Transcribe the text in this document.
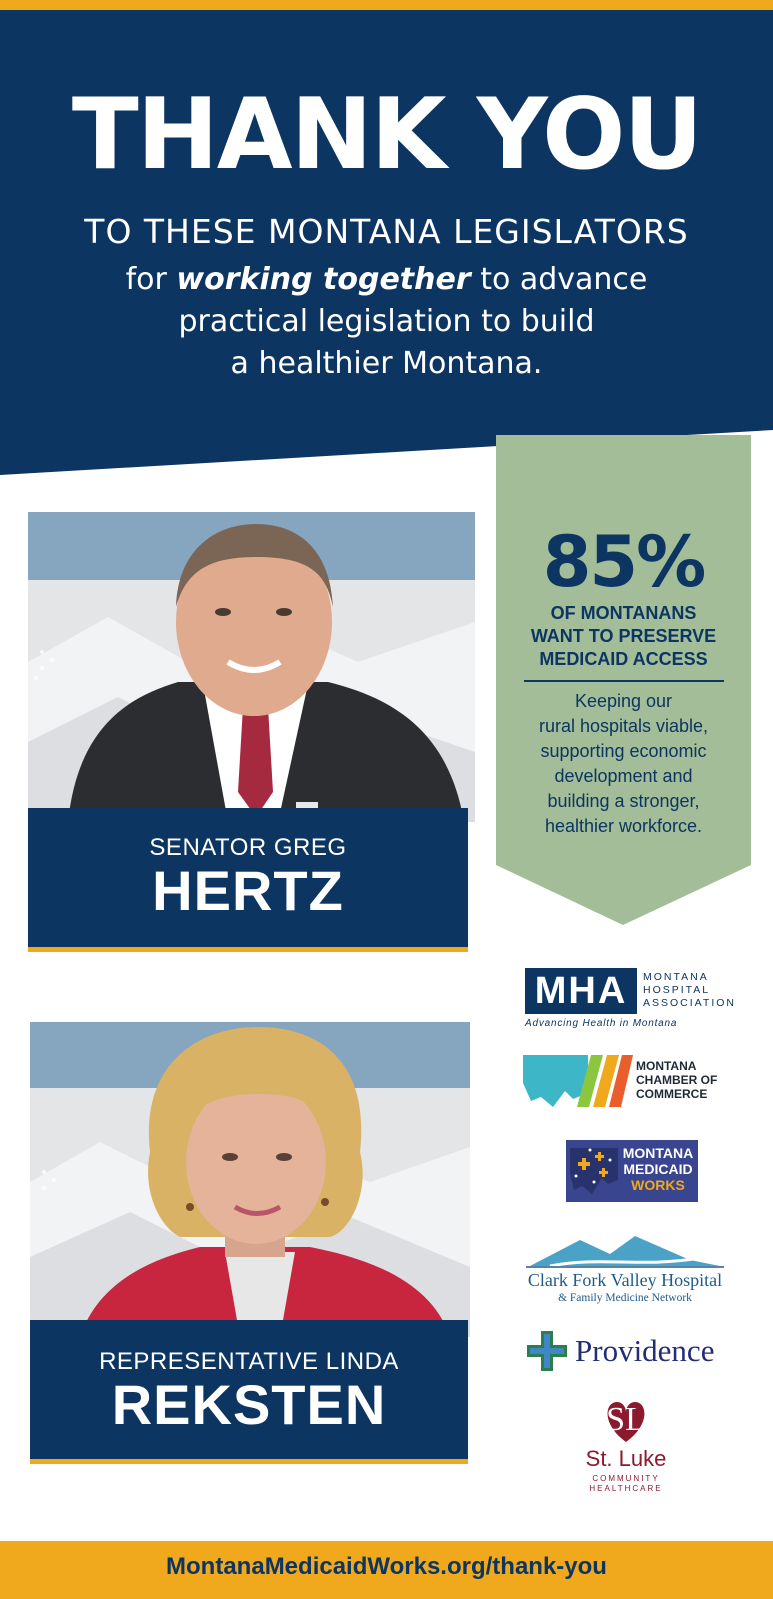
THANK YOU
TO THESE MONTANA LEGISLATORS
for working together to advance
practical legislation to build
a healthier Montana.
SENATOR GREG
HERTZ
REPRESENTATIVE LINDA
REKSTEN
85%
OF MONTANANS
WANT TO PRESERVE
MEDICAID ACCESS
Keeping our
rural hospitals viable,
supporting economic
development and
building a stronger,
healthier workforce.
MHA	MONTANA
HOSPITAL
ASSOCIATION
Advancing Health in Montana
MONTANA
CHAMBER OF
COMMERCE
MONTANA
MEDICAID
WORKS
Clark Fork Valley Hospital
& Family Medicine Network
Providence
SL
St. Luke
COMMUNITY
HEALTHCARE
MontanaMedicaidWorks.org/thank-you
